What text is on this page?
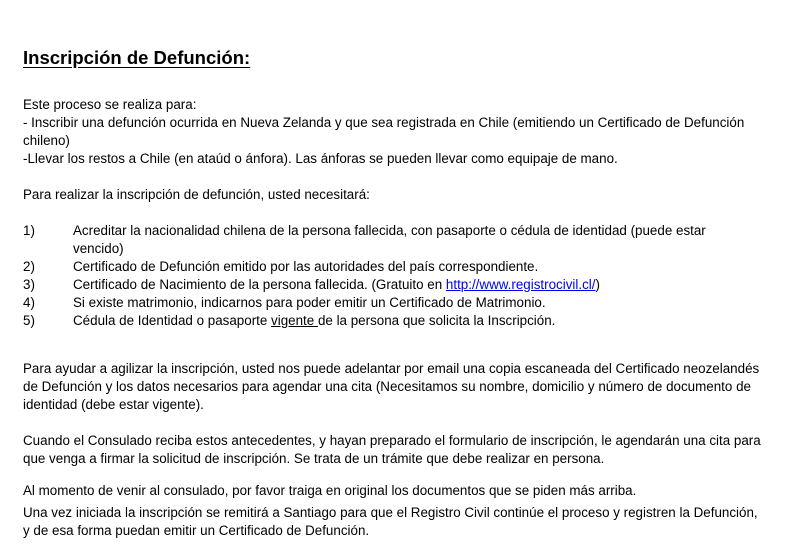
Inscripción de Defunción:

Este proceso se realiza para:

- Inscribir una defunción ocurrida en Nueva Zelanda y que sea registrada en Chile (emitiendo un Certificado de Defunción chileno)

-Llevar los restos a Chile (en ataúd o ánfora). Las ánforas se pueden llevar como equipaje de mano.

Para realizar la inscripción de defunción, usted necesitará:
1)	Acreditar la nacionalidad chilena de la persona fallecida, con pasaporte o cédula de identidad (puede estar vencido)
2)	Certificado de Defunción emitido por las autoridades del país correspondiente.
3)	Certificado de Nacimiento de la persona fallecida. (Gratuito en http://www.registrocivil.cl/)
4)	Si existe matrimonio, indicarnos para poder emitir un Certificado de Matrimonio.
5)	Cédula de Identidad o pasaporte vigente de la persona que solicita la Inscripción.

Para ayudar a agilizar la inscripción, usted nos puede adelantar por email una copia escaneada del Certificado neozelandés de Defunción y los datos necesarios para agendar una cita (Necesitamos su nombre, domicilio y número de documento de identidad (debe estar vigente).

Cuando el Consulado reciba estos antecedentes, y hayan preparado el formulario de inscripción, le agendarán una cita para que venga a firmar la solicitud de inscripción. Se trata de un trámite que debe realizar en persona.

Al momento de venir al consulado, por favor traiga en original los documentos que se piden más arriba.

Una vez iniciada la inscripción se remitirá a Santiago para que el Registro Civil continúe el proceso y registren la Defunción, y de esa forma puedan emitir un Certificado de Defunción.
